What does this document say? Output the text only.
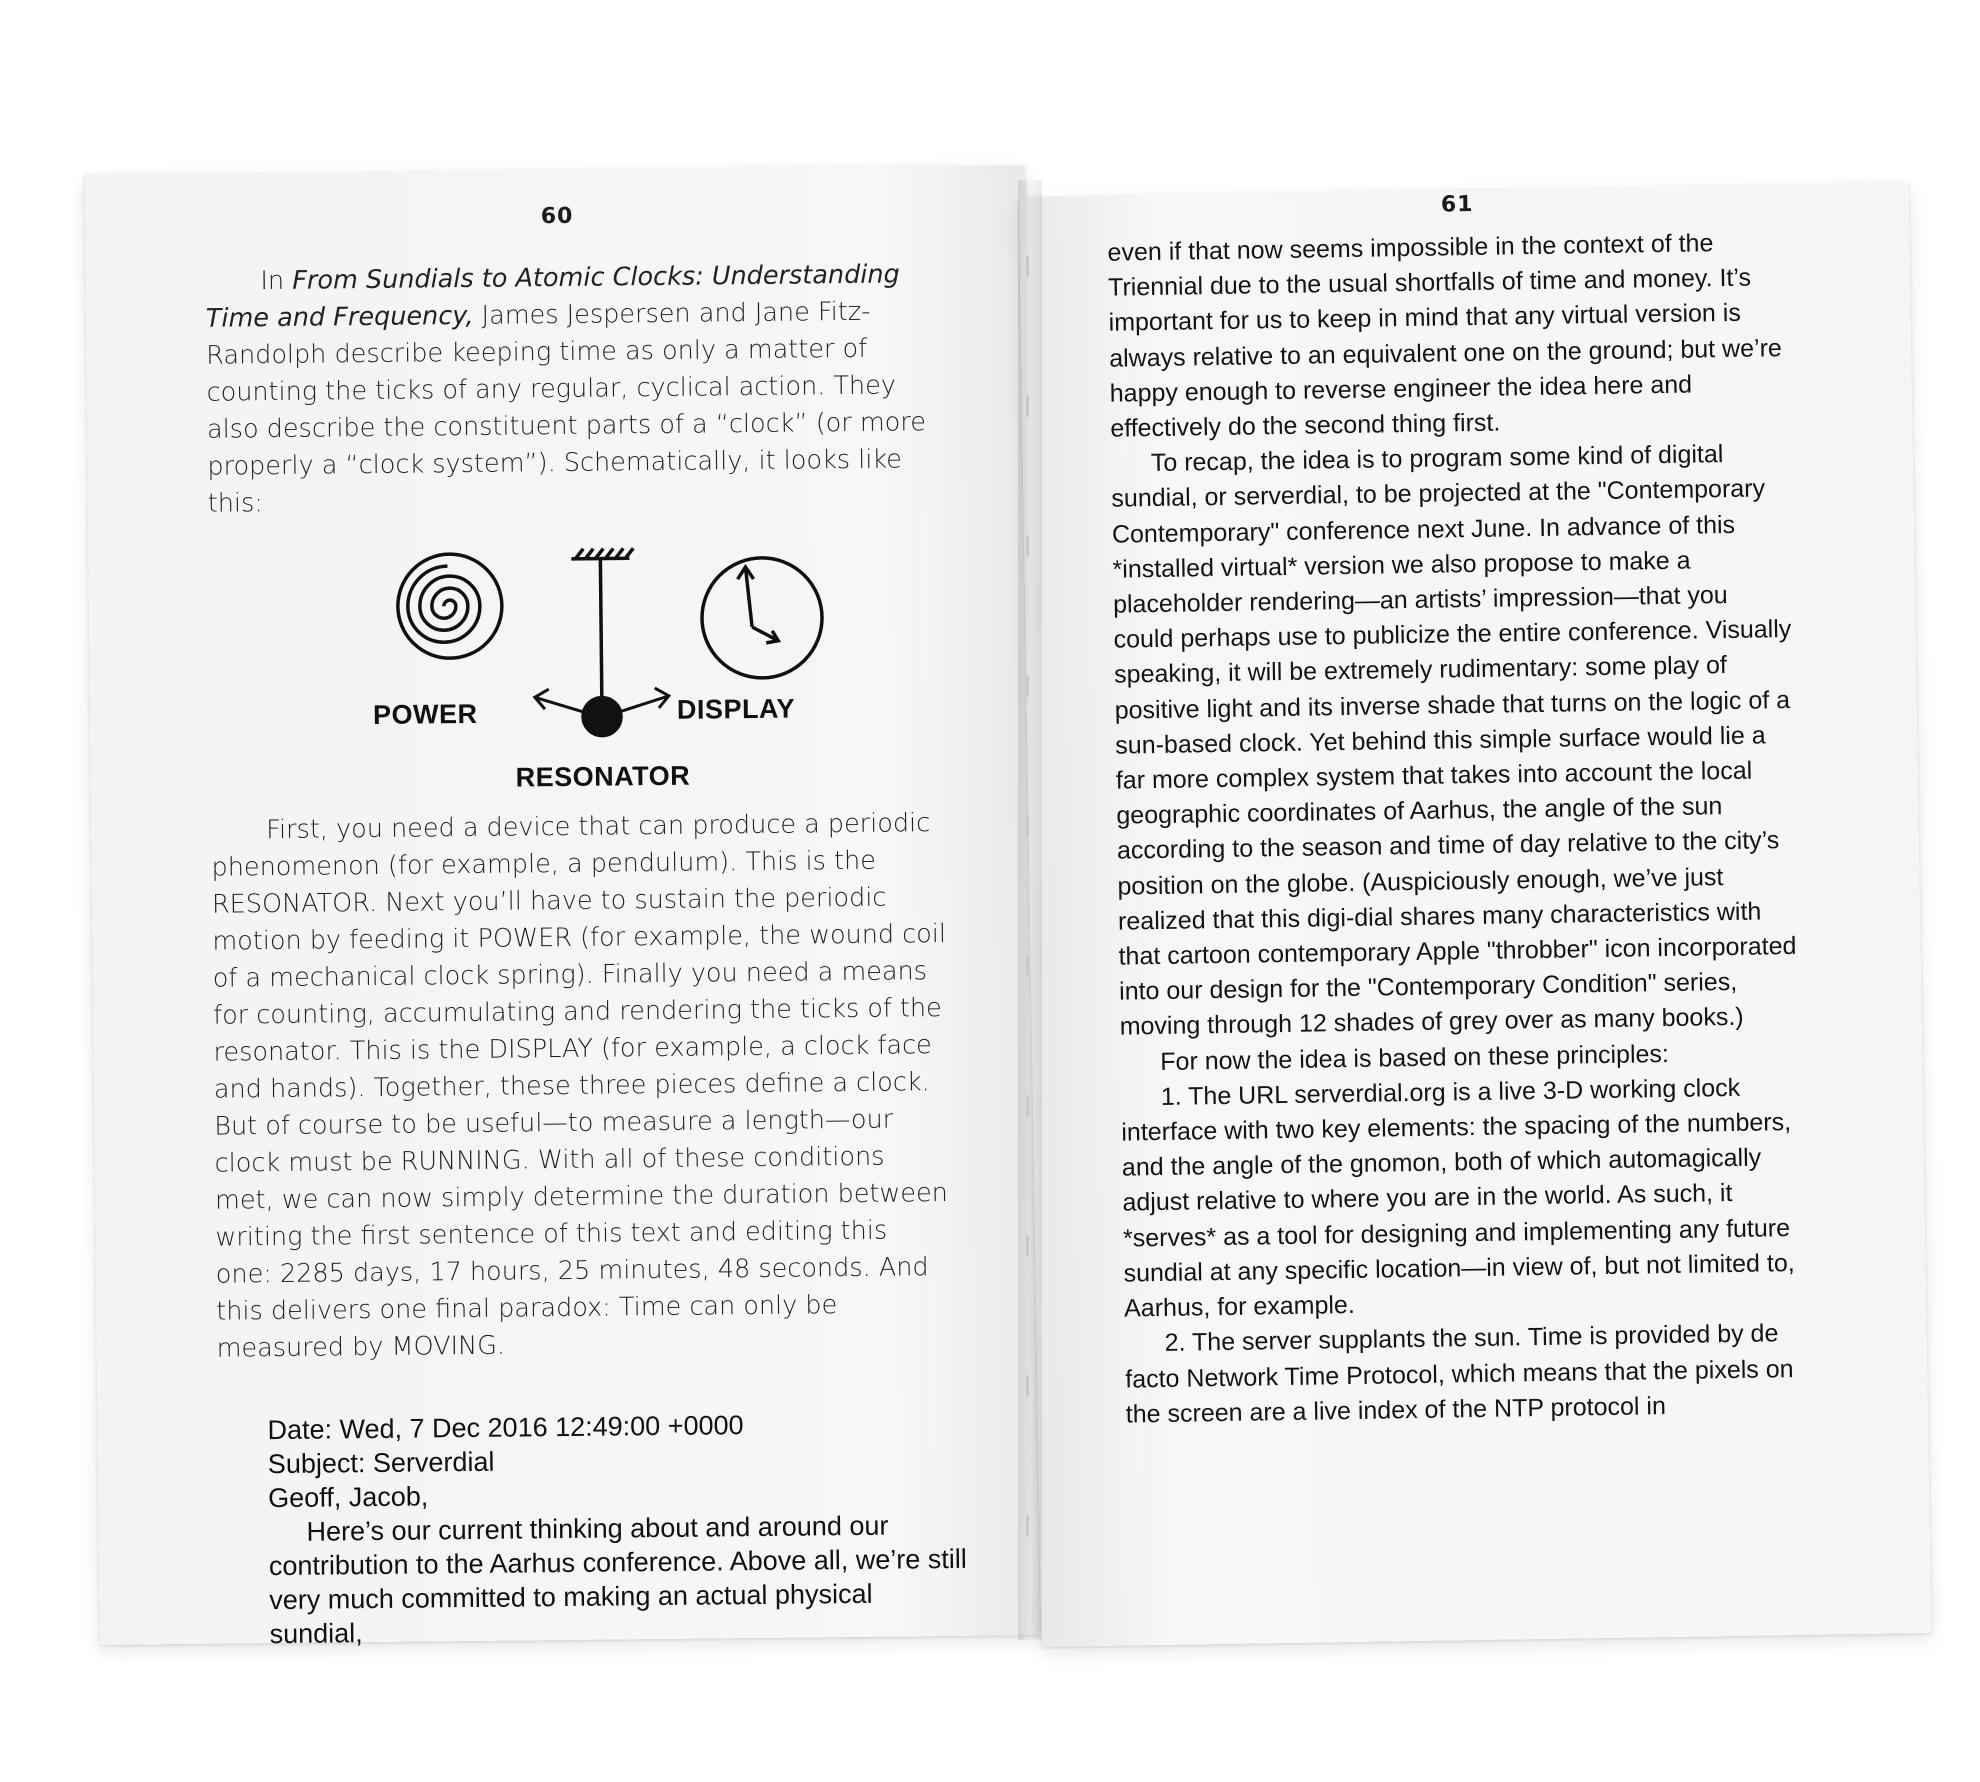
60

In From Sundials to Atomic Clocks: Understanding Time and Frequency, James Jespersen and Jane Fitz-Randolph describe keeping time as only a matter of counting the ticks of any regular, cyclical action. They also describe the constituent parts of a “clock” (or more properly a “clock system”). Schematically, it looks like this:

POWER	DISPLAY
RESONATOR

First, you need a device that can produce a periodic phenomenon (for example, a pendulum). This is the RESONATOR. Next you’ll have to sustain the periodic motion by feeding it POWER (for example, the wound coil of a mechanical clock spring). Finally you need a means for counting, accumulating and rendering the ticks of the resonator. This is the DISPLAY (for example, a clock face and hands). Together, these three pieces define a clock. But of course to be useful—to measure a length—our clock must be RUNNING. With all of these conditions met, we can now simply determine the duration between writing the first sentence of this text and editing this one: 2285 days, 17 hours, 25 minutes, 48 seconds. And this delivers one final paradox: Time can only be measured by MOVING.

Date: Wed, 7 Dec 2016 12:49:00 +0000
Subject: Serverdial
Geoff, Jacob,
Here’s our current thinking about and around our contribution to the Aarhus conference. Above all, we’re still very much committed to making an actual physical sundial,
61

even if that now seems impossible in the context of the Triennial due to the usual shortfalls of time and money. It’s important for us to keep in mind that any virtual version is always relative to an equivalent one on the ground; but we’re happy enough to reverse engineer the idea here and effectively do the second thing first.

To recap, the idea is to program some kind of digital sundial, or serverdial, to be projected at the "Contemporary Contemporary" conference next June. In advance of this *installed virtual* version we also propose to make a placeholder rendering—an artists’ impression—that you could perhaps use to publicize the entire conference. Visually speaking, it will be extremely rudimentary: some play of positive light and its inverse shade that turns on the logic of a sun-based clock. Yet behind this simple surface would lie a far more complex system that takes into account the local geographic coordinates of Aarhus, the angle of the sun according to the season and time of day relative to the city’s position on the globe. (Auspiciously enough, we’ve just realized that this digi-dial shares many characteristics with that cartoon contemporary Apple "throbber" icon incorporated into our design for the "Contemporary Condition" series, moving through 12 shades of grey over as many books.)

For now the idea is based on these principles:

1. The URL serverdial.org is a live 3-D working clock interface with two key elements: the spacing of the numbers, and the angle of the gnomon, both of which automagically adjust relative to where you are in the world. As such, it *serves* as a tool for designing and implementing any future sundial at any specific location—in view of, but not limited to, Aarhus, for example.

2. The server supplants the sun. Time is provided by de facto Network Time Protocol, which means that the pixels on the screen are a live index of the NTP protocol in
